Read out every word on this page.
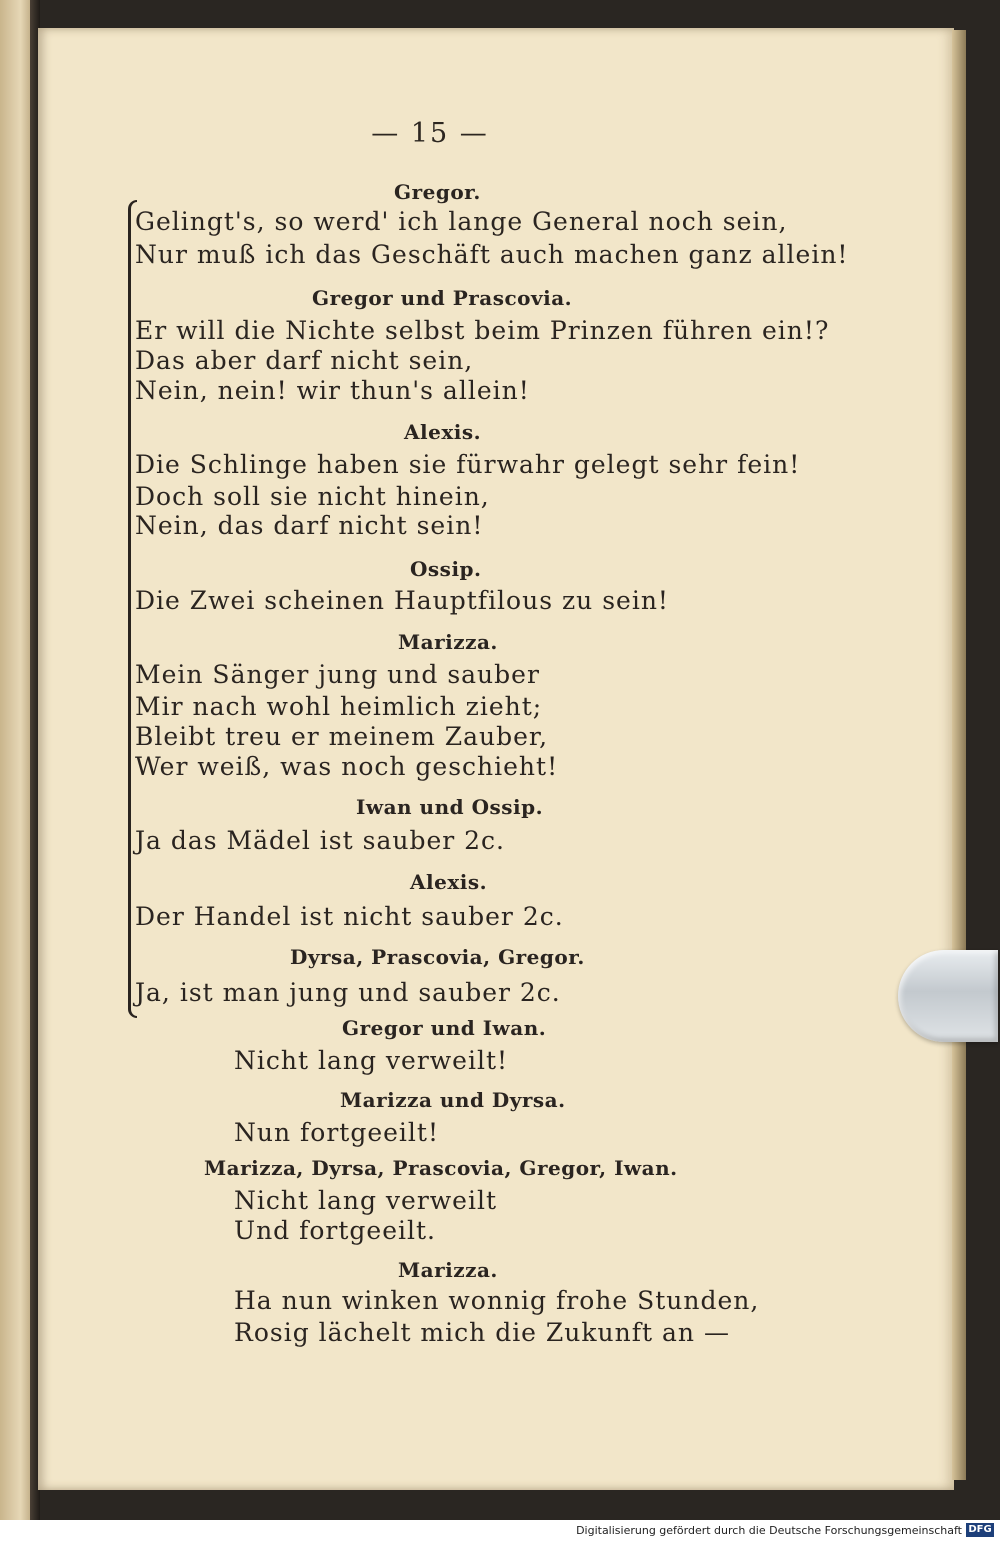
— 15 —
Gregor.
Gelingt's, so werd' ich lange General noch sein,
Nur muß ich das Geschäft auch machen ganz allein!
Gregor und Prascovia.
Er will die Nichte selbst beim Prinzen führen ein!?
Das aber darf nicht sein,
Nein, nein! wir thun's allein!
Alexis.
Die Schlinge haben sie fürwahr gelegt sehr fein!
Doch soll sie nicht hinein,
Nein, das darf nicht sein!
Ossip.
Die Zwei scheinen Hauptfilous zu sein!
Marizza.
Mein Sänger jung und sauber
Mir nach wohl heimlich zieht;
Bleibt treu er meinem Zauber,
Wer weiß, was noch geschieht!
Iwan und Ossip.
Ja das Mädel ist sauber 2c.
Alexis.
Der Handel ist nicht sauber 2c.
Dyrsa, Prascovia, Gregor.
Ja, ist man jung und sauber 2c.
Gregor und Iwan.
Nicht lang verweilt!
Marizza und Dyrsa.
Nun fortgeeilt!
Marizza, Dyrsa, Prascovia, Gregor, Iwan.
Nicht lang verweilt
Und fortgeeilt.
Marizza.
Ha nun winken wonnig frohe Stunden,
Rosig lächelt mich die Zukunft an —
Digitalisierung gefördert durch die Deutsche Forschungsgemeinschaft DFG
